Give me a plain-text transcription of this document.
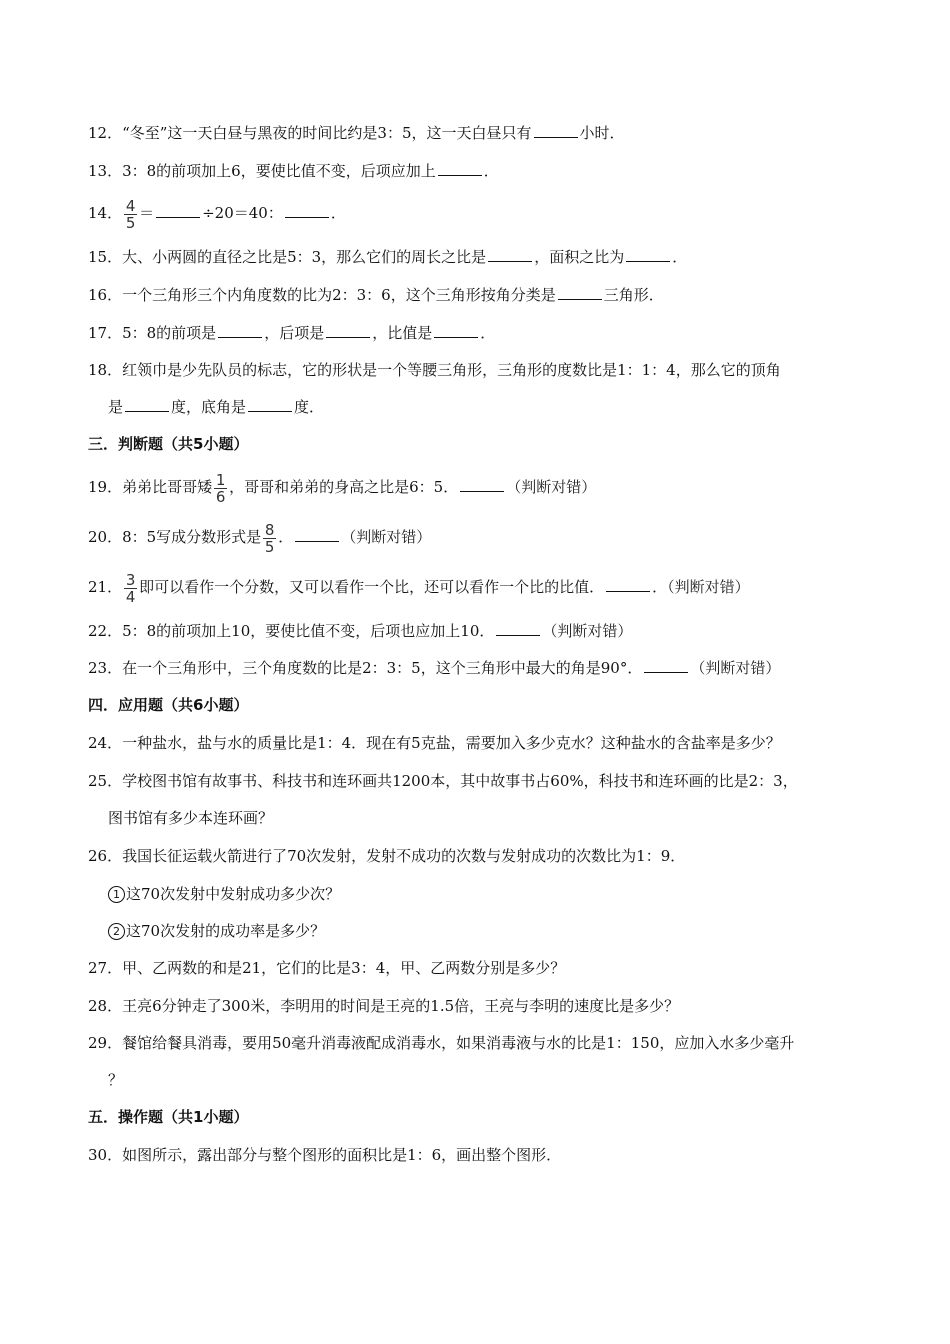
12．“冬至”这一天白昼与黑夜的时间比约是3：5，这一天白昼只有	小时．
13．3：8的前项加上6，要使比值不变，后项应加上	．
14． $\frac{4}{5}$ ＝	÷20＝40：	．
15．大、小两圆的直径之比是5：3，那么它们的周长之比是	，面积之比为	．
16．一个三角形三个内角度数的比为2：3：6，这个三角形按角分类是	三角形．
17．5：8的前项是	，后项是	，比值是	．
18．红领巾是少先队员的标志，它的形状是一个等腰三角形，三角形的度数比是1：1：4，那么它的顶角
是	度，底角是	度．
三．判断题（共5小题）
19．弟弟比哥哥矮 $\frac{1}{6}$ ，哥哥和弟弟的身高之比是6：5．	（判断对错）
20．8：5写成分数形式是 $\frac{8}{5}$ ．	（判断对错）
21． $\frac{3}{4}$ 即可以看作一个分数，又可以看作一个比，还可以看作一个比的比值．	．（判断对错）
22．5：8的前项加上10，要使比值不变，后项也应加上10．	（判断对错）
23．在一个三角形中，三个角度数的比是2：3：5，这个三角形中最大的角是90°．	（判断对错）
四．应用题（共6小题）
24．一种盐水，盐与水的质量比是1：4．现在有5克盐，需要加入多少克水？这种盐水的含盐率是多少？
25．学校图书馆有故事书、科技书和连环画共1200本，其中故事书占60%，科技书和连环画的比是2：3，
图书馆有多少本连环画？
26．我国长征运载火箭进行了70次发射，发射不成功的次数与发射成功的次数比为1：9．
1 这70次发射中发射成功多少次？
2 这70次发射的成功率是多少？
27．甲、乙两数的和是21，它们的比是3：4，甲、乙两数分别是多少？
28．王亮6分钟走了300米，李明用的时间是王亮的1.5倍，王亮与李明的速度比是多少？
29．餐馆给餐具消毒，要用50毫升消毒液配成消毒水，如果消毒液与水的比是1：150，应加入水多少毫升
？
五．操作题（共1小题）
30．如图所示，露出部分与整个图形的面积比是1：6，画出整个图形．
